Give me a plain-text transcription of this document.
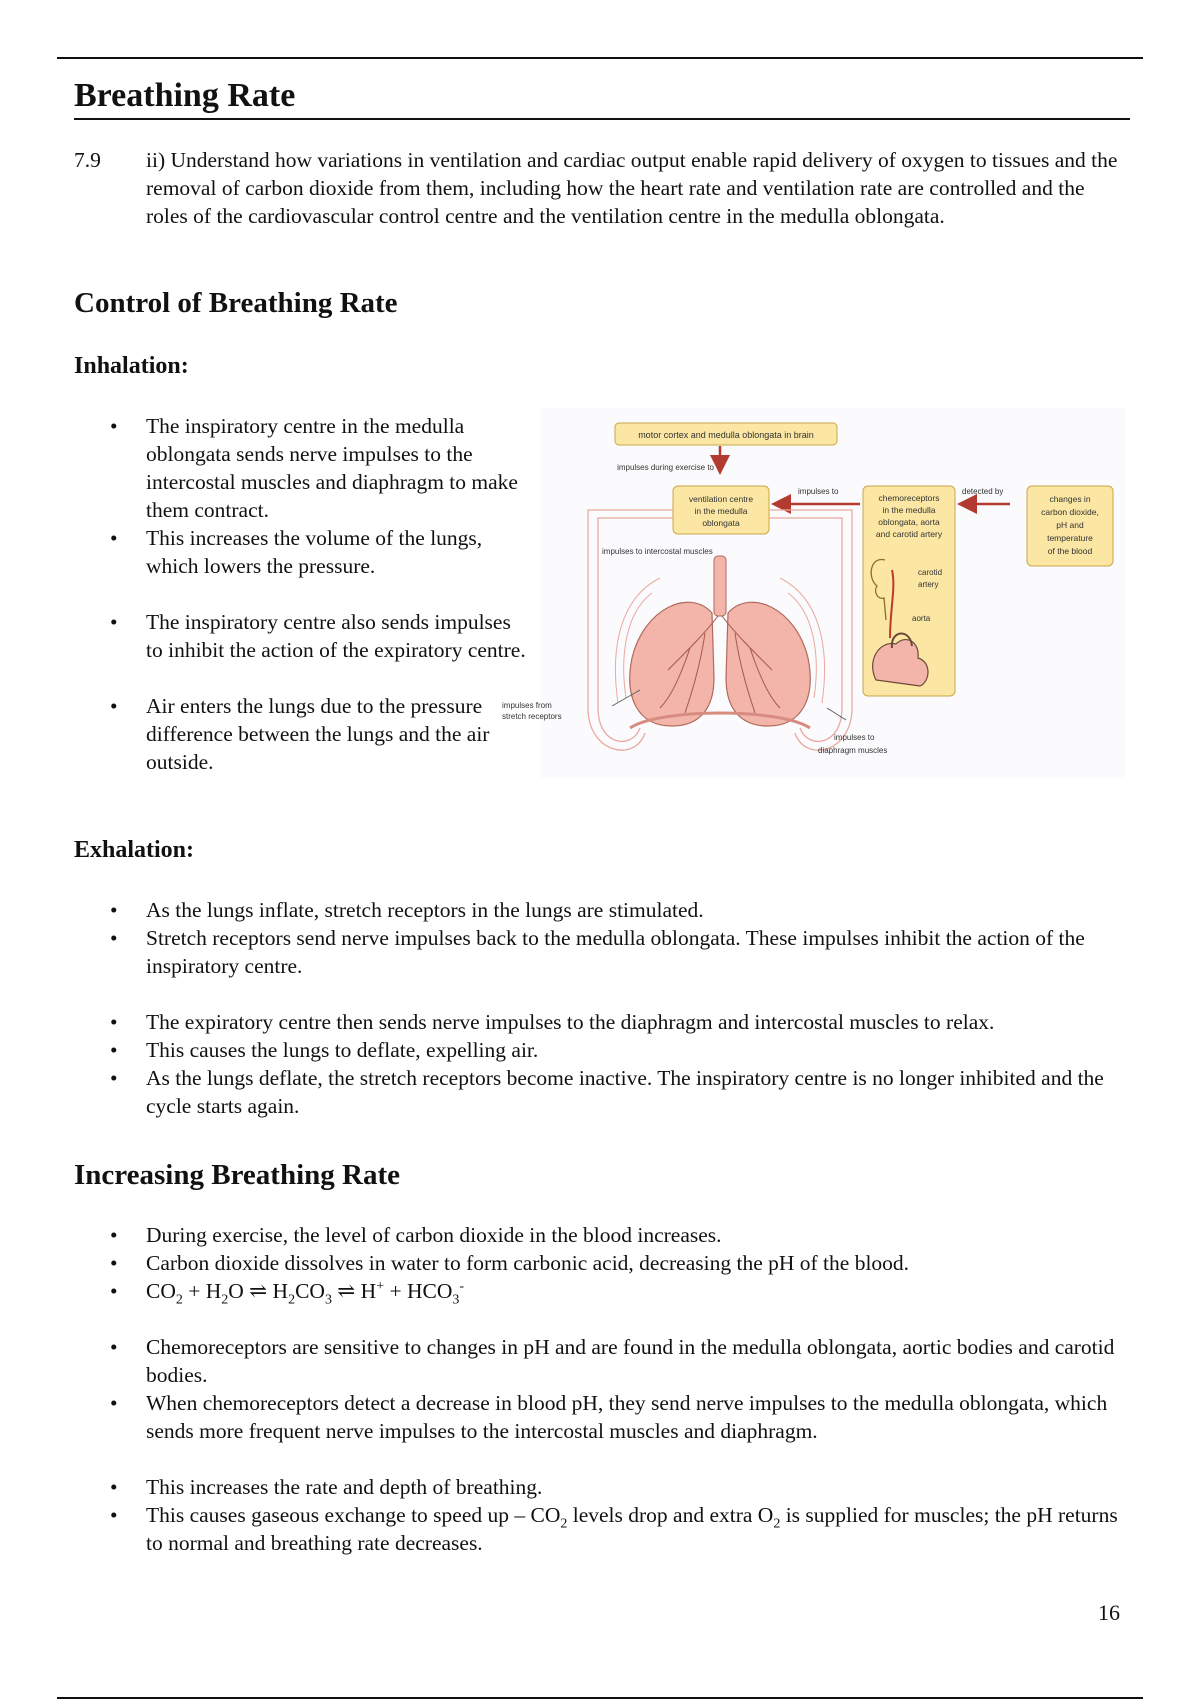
Breathing Rate
7.9 ii) Understand how variations in ventilation and cardiac output enable rapid delivery of oxygen to tissues and the removal of carbon dioxide from them, including how the heart rate and ventilation rate are controlled and the roles of the cardiovascular control centre and the ventilation centre in the medulla oblongata.
Control of Breathing Rate
Inhalation:
• The inspiratory centre in the medulla oblongata sends nerve impulses to the intercostal muscles and diaphragm to make them contract.
• This increases the volume of the lungs, which lowers the pressure.
• The inspiratory centre also sends impulses to inhibit the action of the expiratory centre.
• Air enters the lungs due to the pressure difference between the lungs and the air outside.
motor cortex and medulla oblongata in brain
impulses during exercise to
ventilation centre
in the medulla
oblongata
impulses to
chemoreceptors
in the medulla
oblongata, aorta
and carotid artery
carotid
artery
aorta
detected by
changes in
carbon dioxide,
pH and
temperature
of the blood
impulses to intercostal muscles
impulses from
stretch receptors
impulses to
diaphragm muscles
Exhalation:
• As the lungs inflate, stretch receptors in the lungs are stimulated.
• Stretch receptors send nerve impulses back to the medulla oblongata. These impulses inhibit the action of the inspiratory centre.
• The expiratory centre then sends nerve impulses to the diaphragm and intercostal muscles to relax.
• This causes the lungs to deflate, expelling air.
• As the lungs deflate, the stretch receptors become inactive. The inspiratory centre is no longer inhibited and the cycle starts again.
Increasing Breathing Rate
• During exercise, the level of carbon dioxide in the blood increases.
• Carbon dioxide dissolves in water to form carbonic acid, decreasing the pH of the blood.
• $CO_2 + H_2O$ ⇌ $H_2CO_3$ ⇌ $H^+ + HCO_3^-$
• Chemoreceptors are sensitive to changes in pH and are found in the medulla oblongata, aortic bodies and carotid bodies.
• When chemoreceptors detect a decrease in blood pH, they send nerve impulses to the medulla oblongata, which sends more frequent nerve impulses to the intercostal muscles and diaphragm.
• This increases the rate and depth of breathing.
• This causes gaseous exchange to speed up – $CO_2$ levels drop and extra $O_2$ is supplied for muscles; the pH returns to normal and breathing rate decreases.
16
